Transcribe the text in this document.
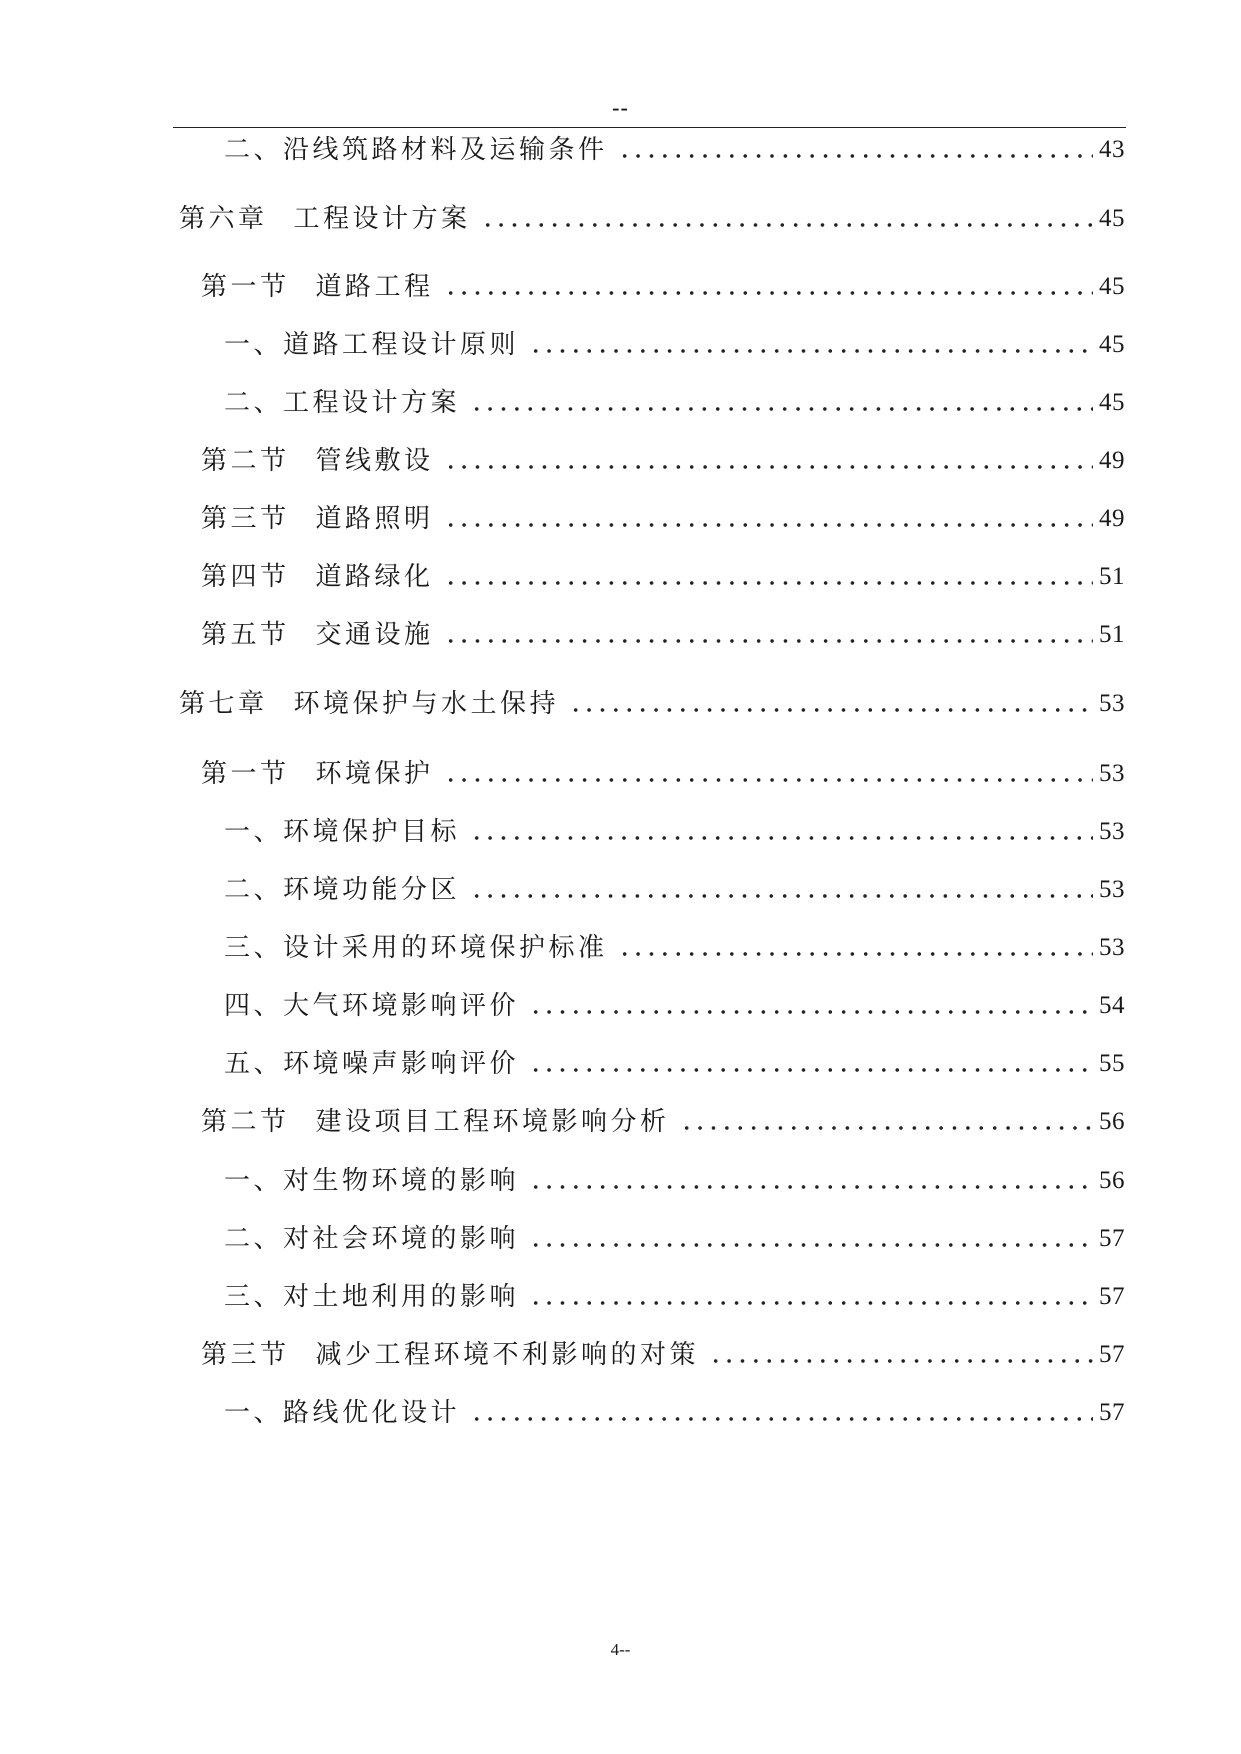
--
二、沿线筑路材料及运输条件	43
第六章 工程设计方案	45
第一节 道路工程	45
一、道路工程设计原则	45
二、工程设计方案	45
第二节 管线敷设	49
第三节 道路照明	49
第四节 道路绿化	51
第五节 交通设施	51
第七章 环境保护与水土保持	53
第一节 环境保护	53
一、环境保护目标	53
二、环境功能分区	53
三、设计采用的环境保护标准	53
四、大气环境影响评价	54
五、环境噪声影响评价	55
第二节 建设项目工程环境影响分析	56
一、对生物环境的影响	56
二、对社会环境的影响	57
三、对土地利用的影响	57
第三节 减少工程环境不利影响的对策	57
一、路线优化设计	57
4--
